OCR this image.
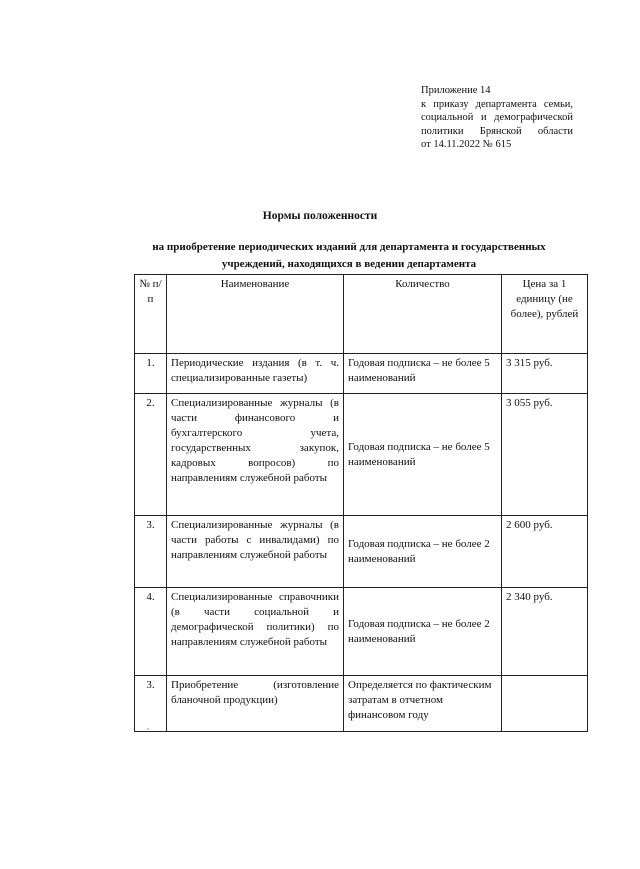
Приложение 14
к приказу департамента семьи,
социальной и демографической
политики Брянской области
от 14.11.2022 № 615
Нормы положенности
на приобретение периодических изданий для департамента и государственных
учреждений, находящихся в ведении департамента
№ п/п	Наименование	Количество	Цена за 1 единицу (не более), рублей
1.	Периодические издания (в т. ч. специализированные газеты)	Годовая подписка – не более 5 наименований	3 315 руб.
2.	Специализированные журналы (в части финансового и бухгалтерского учета, государственных закупок, кадровых вопросов) по направлениям служебной работы	Годовая подписка – не более 5 наименований	3 055 руб.
3.	Специализированные журналы (в части работы с инвалидами) по направлениям служебной работы	Годовая подписка – не более 2 наименований	2 600 руб.
4.	Специализированные справочники (в части социальной и демографической политики) по направлениям служебной работы	Годовая подписка – не более 2 наименований	2 340 руб.
3.	Приобретение (изготовление бланочной продукции)	Определяется по фактическим затратам в отчетном финансовом году	
